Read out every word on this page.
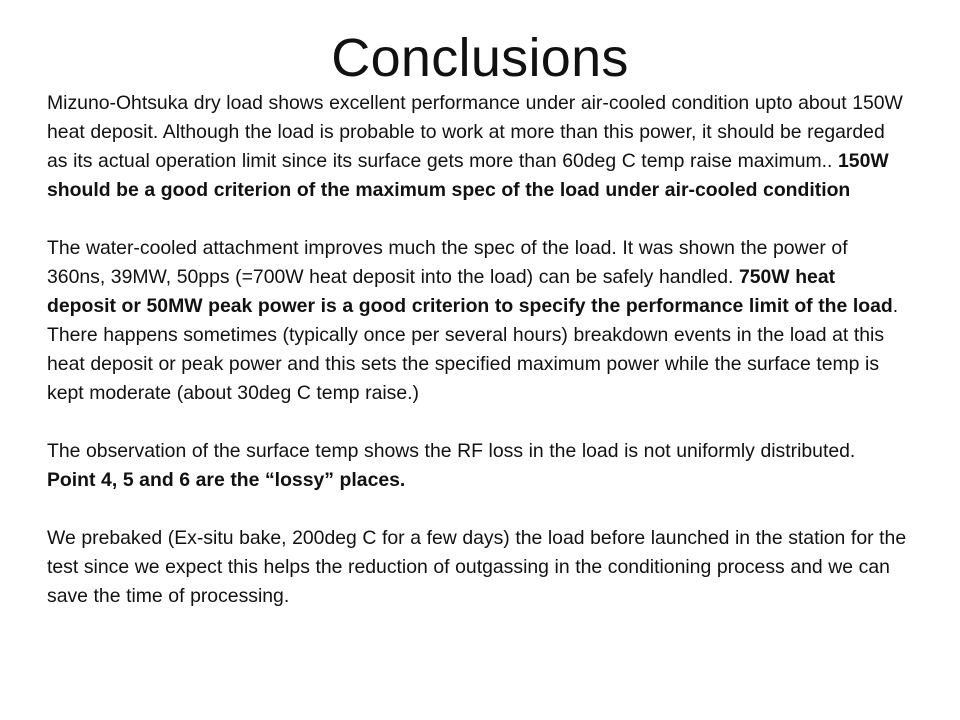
Conclusions

Mizuno-Ohtsuka dry load shows excellent performance under air-cooled condition upto about 150W heat deposit. Although the load is probable to work at more than this power, it should be regarded as its actual operation limit since its surface gets more than 60deg C temp raise maximum.. 150W should be a good criterion of the maximum spec of the load under air-cooled condition

The water-cooled attachment improves much the spec of the load. It was shown the power of 360ns, 39MW, 50pps (=700W heat deposit into the load) can be safely handled. 750W heat deposit or 50MW peak power is a good criterion to specify the performance limit of the load. There happens sometimes (typically once per several hours) breakdown events in the load at this heat deposit or peak power and this sets the specified maximum power while the surface temp is kept moderate (about 30deg C temp raise.)

The observation of the surface temp shows the RF loss in the load is not uniformly distributed. Point 4, 5 and 6 are the “lossy” places.

We prebaked (Ex-situ bake, 200deg C for a few days) the load before launched in the station for the test since we expect this helps the reduction of outgassing in the conditioning process and we can save the time of processing.
